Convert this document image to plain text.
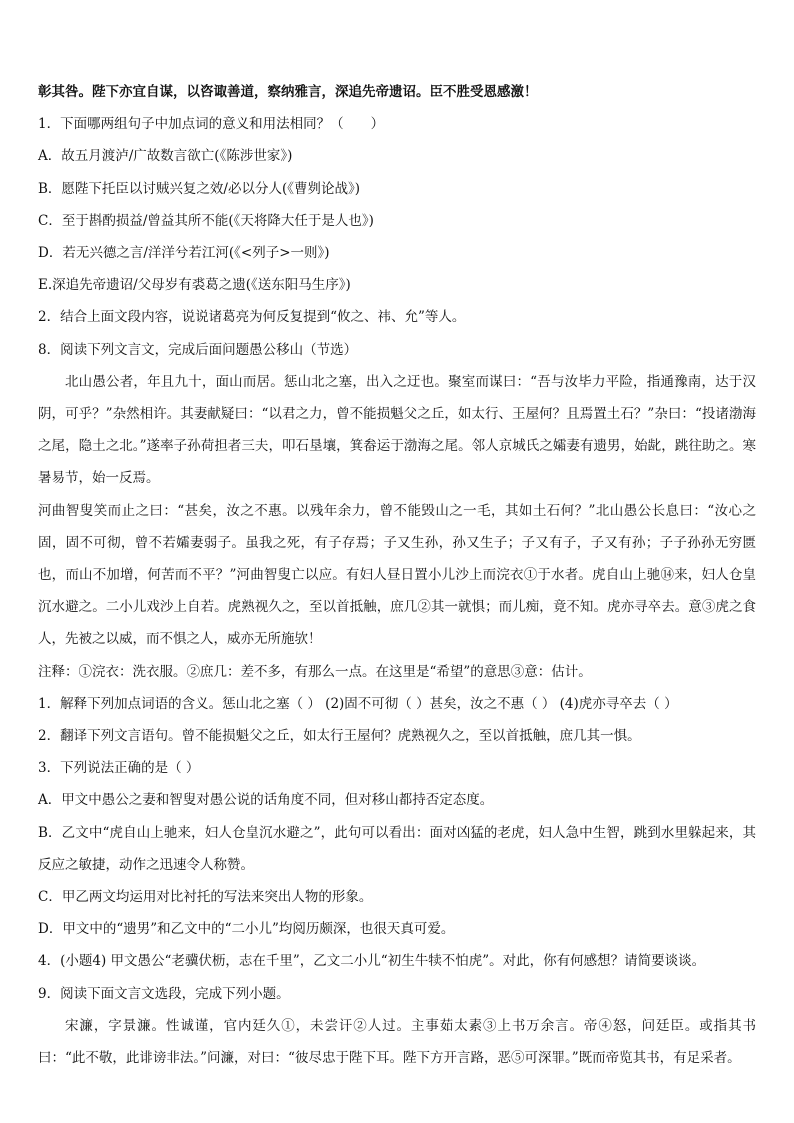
彰其咎。陛下亦宜自谋，以咨诹善道，察纳雅言，深追先帝遗诏。臣不胜受恩感激！
1．下面哪两组句子中加点词的意义和用法相同？（　　）
A．故五月渡泸/广故数言欲亡(《陈涉世家》)
B．愿陛下托臣以讨贼兴复之效/必以分人(《曹刿论战》)
C．至于斟酌损益/曾益其所不能(《天将降大任于是人也》)
D．若无兴德之言/洋洋兮若江河(《<列子>一则》)
E.深追先帝遗诏/父母岁有裘葛之遗(《送东阳马生序》)
2．结合上面文段内容，说说诸葛亮为何反复提到“攸之、祎、允”等人。
8．阅读下列文言文，完成后面问题愚公移山（节选）

北山愚公者，年且九十，面山而居。惩山北之塞，出入之迂也。聚室而谋曰：“吾与汝毕力平险，指通豫南，达于汉阴，可乎？”杂然相许。其妻献疑曰：“以君之力，曾不能损魁父之丘，如太行、王屋何？且焉置土石？”杂曰：“投诸渤海之尾，隐土之北。”遂率子孙荷担者三夫，叩石垦壤，箕畚运于渤海之尾。邻人京城氏之孀妻有遗男，始龀，跳往助之。寒暑易节，始一反焉。

河曲智叟笑而止之曰：“甚矣，汝之不惠。以残年余力，曾不能毁山之一毛，其如土石何？”北山愚公长息曰：“汝心之固，固不可彻，曾不若孀妻弱子。虽我之死，有子存焉；子又生孙，孙又生子；子又有子，子又有孙；子子孙孙无穷匮也，而山不加增，何苦而不平？”河曲智叟亡以应。有妇人昼日置小儿沙上而浣衣①于水者。虎自山上驰⑭来，妇人仓皇沉水避之。二小儿戏沙上自若。虎熟视久之，至以首抵触，庶几②其一就惧；而儿痴，竟不知。虎亦寻卒去。意③虎之食人，先被之以威，而不惧之人，威亦无所施欤！

注释：①浣衣：洗衣服。②庶几：差不多，有那么一点。在这里是“希望”的意思③意：估计。
1．解释下列加点词语的含义。惩山北之塞（ ） (2)固不可彻（ ）甚矣，汝之不惠（ ） (4)虎亦寻卒去（ ）
2．翻译下列文言语句。曾不能损魁父之丘，如太行王屋何？虎熟视久之，至以首抵触，庶几其一惧。
3．下列说法正确的是（ ）
A．甲文中愚公之妻和智叟对愚公说的话角度不同，但对移山都持否定态度。

B．乙文中“虎自山上驰来，妇人仓皇沉水避之”，此句可以看出：面对凶猛的老虎，妇人急中生智，跳到水里躲起来，其反应之敏捷，动作之迅速令人称赞。

C．甲乙两文均运用对比衬托的写法来突出人物的形象。
D．甲文中的“遗男”和乙文中的“二小儿”均阅历颇深，也很天真可爱。
4．(小题4) 甲文愚公“老骥伏枥，志在千里”，乙文二小儿“初生牛犊不怕虎”。对此，你有何感想？请简要谈谈。
9．阅读下面文言文选段，完成下列小题。

宋濂，字景濂。性诚谨，官内廷久①，未尝讦②人过。主事茹太素③上书万余言。帝④怒，问廷臣。或指其书曰：“此不敬，此诽谤非法。”问濂，对曰：“彼尽忠于陛下耳。陛下方开言路，恶⑤可深罪。”既而帝览其书，有足采者。
